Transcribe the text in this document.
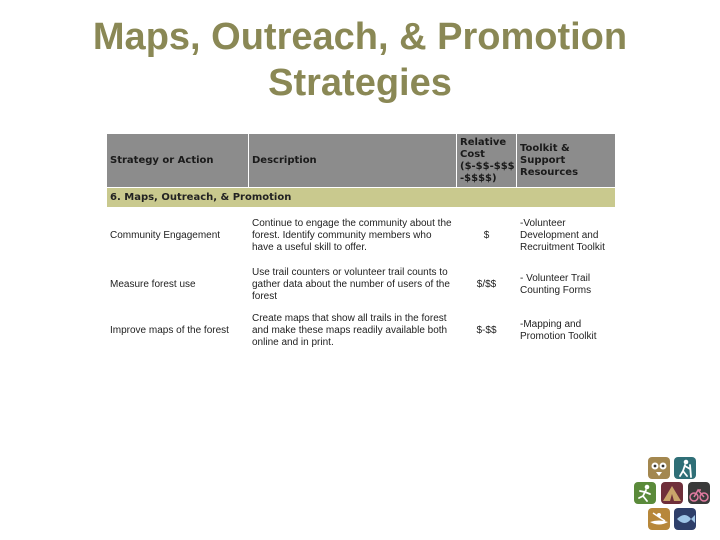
Maps, Outreach, & Promotion Strategies
Strategy or Action	Description	Relative Cost ($-$$-$$$ -$$$$)	Toolkit & Support Resources
6. Maps, Outreach, & Promotion			
Community Engagement	Continue to engage the community about the forest. Identify community members who have a useful skill to offer.	$	-Volunteer Development and Recruitment Toolkit
Measure forest use	Use trail counters or volunteer trail counts to gather data about the number of users of the forest	$/$$	- Volunteer Trail Counting Forms
Improve maps of the forest	Create maps that show all trails in the forest and make these maps readily available both online and in print.	$-$$	-Mapping and Promotion Toolkit
